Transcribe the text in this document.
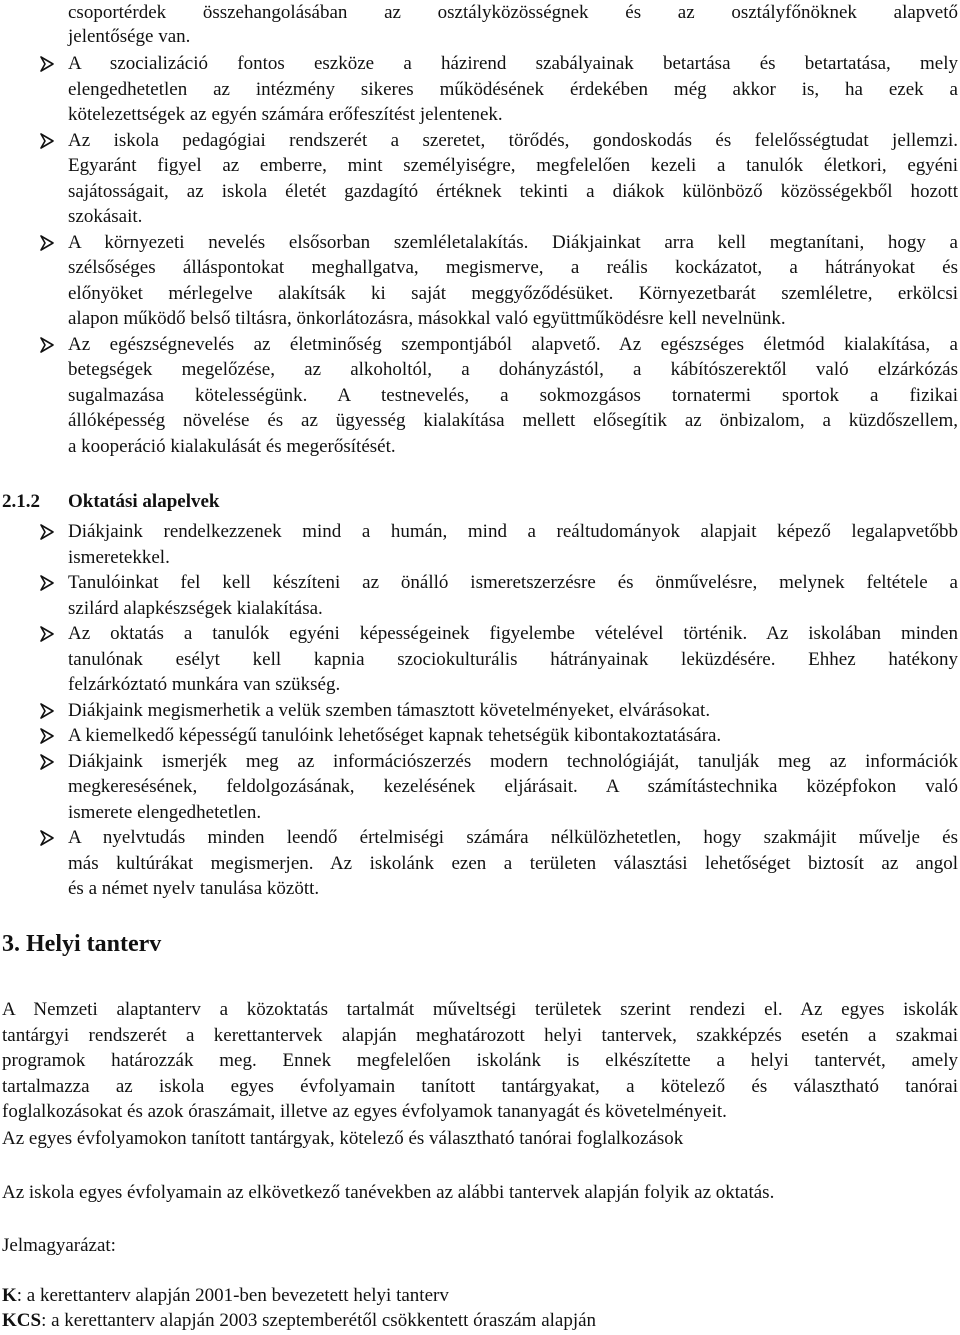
csoportérdek összehangolásában az osztályközösségnek és az osztályfőnöknek alapvető
jelentősége van.
A szocializáció fontos eszköze a házirend szabályainak betartása és betartatása, mely
elengedhetetlen az intézmény sikeres működésének érdekében még akkor is, ha ezek a
kötelezettségek az egyén számára erőfeszítést jelentenek.
Az iskola pedagógiai rendszerét a szeretet, törődés, gondoskodás és felelősségtudat jellemzi.
Egyaránt figyel az emberre, mint személyiségre, megfelelően kezeli a tanulók életkori, egyéni
sajátosságait, az iskola életét gazdagító értéknek tekinti a diákok különböző közösségekből hozott
szokásait.
A környezeti nevelés elsősorban szemléletalakítás. Diákjainkat arra kell megtanítani, hogy a
szélsőséges álláspontokat meghallgatva, megismerve, a reális kockázatot, a hátrányokat és
előnyöket mérlegelve alakítsák ki saját meggyőződésüket. Környezetbarát szemléletre, erkölcsi
alapon működő belső tiltásra, önkorlátozásra, másokkal való együttműködésre kell nevelnünk.
Az egészségnevelés az életminőség szempontjából alapvető. Az egészséges életmód kialakítása, a
betegségek megelőzése, az alkoholtól, a dohányzástól, a kábítószerektől való elzárkózás
sugalmazása kötelességünk. A testnevelés, a sokmozgásos tornatermi sportok a fizikai
állóképesség növelése és az ügyesség kialakítása mellett elősegítik az önbizalom, a küzdőszellem,
a kooperáció kialakulását és megerősítését.
2.1.2 Oktatási alapelvek
Diákjaink rendelkezzenek mind a humán, mind a reáltudományok alapjait képező legalapvetőbb
ismeretekkel.
Tanulóinkat fel kell készíteni az önálló ismeretszerzésre és önművelésre, melynek feltétele a
szilárd alapkészségek kialakítása.
Az oktatás a tanulók egyéni képességeinek figyelembe vételével történik. Az iskolában minden
tanulónak esélyt kell kapnia szociokulturális hátrányainak leküzdésére. Ehhez hatékony
felzárkóztató munkára van szükség.
Diákjaink megismerhetik a velük szemben támasztott követelményeket, elvárásokat.
A kiemelkedő képességű tanulóink lehetőséget kapnak tehetségük kibontakoztatására.
Diákjaink ismerjék meg az információszerzés modern technológiáját, tanulják meg az információk
megkeresésének, feldolgozásának, kezelésének eljárásait. A számítástechnika középfokon való
ismerete elengedhetetlen.
A nyelvtudás minden leendő értelmiségi számára nélkülözhetetlen, hogy szakmájit művelje és
más kultúrákat megismerjen. Az iskolánk ezen a területen választási lehetőséget biztosít az angol
és a német nyelv tanulása között.
3. Helyi tanterv
A Nemzeti alaptanterv a közoktatás tartalmát műveltségi területek szerint rendezi el. Az egyes iskolák
tantárgyi rendszerét a kerettantervek alapján meghatározott helyi tantervek, szakképzés esetén a szakmai
programok határozzák meg. Ennek megfelelően iskolánk is elkészítette a helyi tantervét, amely
tartalmazza az iskola egyes évfolyamain tanított tantárgyakat, a kötelező és választható tanórai
foglalkozásokat és azok óraszámait, illetve az egyes évfolyamok tananyagát és követelményeit.
Az egyes évfolyamokon tanított tantárgyak, kötelező és választható tanórai foglalkozások
Az iskola egyes évfolyamain az elkövetkező tanévekben az alábbi tantervek alapján folyik az oktatás.
Jelmagyarázat:
K: a kerettanterv alapján 2001-ben bevezetett helyi tanterv
KCS: a kerettanterv alapján 2003 szeptemberétől csökkentett óraszám alapján
